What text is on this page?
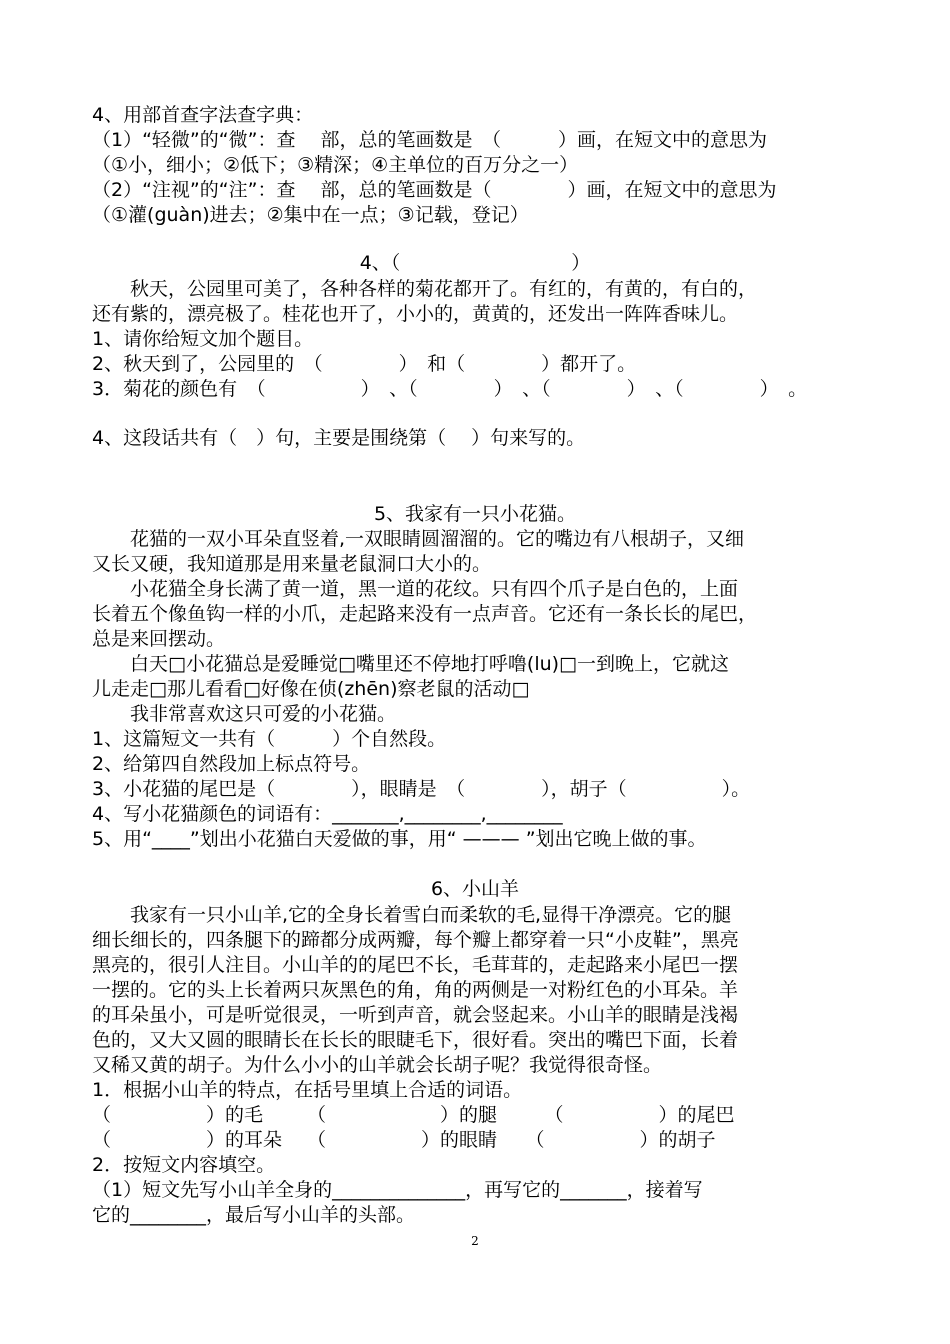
4、用部首查字法查字典：
（1）“轻微”的“微”：查　 部，总的笔画数是　（　　　）画，在短文中的意思为
（①小，细小；②低下；③精深；④主单位的百万分之一）
（2）“注视”的“注”：查　 部，总的笔画数是（　　　　）画，在短文中的意思为
（①灌(guàn)进去；②集中在一点；③记载，登记）
4、（　　　　　　　　　）
　　秋天，公园里可美了，各种各样的菊花都开了。有红的，有黄的，有白的，
还有紫的，漂亮极了。桂花也开了，小小的，黄黄的，还发出一阵阵香味儿。
1、请你给短文加个题目。
2、秋天到了，公园里的　（　　　　）　和（　　　　）都开了。
3．菊花的颜色有　（　　　　　）　、（　　　　）　、（　　　　）　、（　　　　）　。
4、这段话共有（　）句，主要是围绕第（　 ）句来写的。
5、我家有一只小花猫。
　　花猫的一双小耳朵直竖着,一双眼睛圆溜溜的。它的嘴边有八根胡子，又细
又长又硬，我知道那是用来量老鼠洞口大小的。
　　小花猫全身长满了黄一道，黑一道的花纹。只有四个爪子是白色的，上面
长着五个像鱼钩一样的小爪，走起路来没有一点声音。它还有一条长长的尾巴，
总是来回摆动。
　　白天□小花猫总是爱睡觉□嘴里还不停地打呼噜(lu)□一到晚上，它就这
儿走走□那儿看看□好像在侦(zhēn)察老鼠的活动□
　　我非常喜欢这只可爱的小花猫。
1、这篇短文一共有（　　　）个自然段。
2、给第四自然段加上标点符号。
3、小花猫的尾巴是（　　　　），眼睛是　（　　　　），胡子（　　　　　）。
4、写小花猫颜色的词语有：_______,________,________
5、用“____”划出小花猫白天爱做的事，用“ ——— ”划出它晚上做的事。
6、小山羊
　　我家有一只小山羊,它的全身长着雪白而柔软的毛,显得干净漂亮。它的腿
细长细长的，四条腿下的蹄都分成两瓣，每个瓣上都穿着一只“小皮鞋”，黑亮
黑亮的，很引人注目。小山羊的的尾巴不长，毛茸茸的，走起路来小尾巴一摆
一摆的。它的头上长着两只灰黑色的角，角的两侧是一对粉红色的小耳朵。羊
的耳朵虽小，可是听觉很灵，一听到声音，就会竖起来。小山羊的眼睛是浅褐
色的，又大又圆的眼睛长在长长的眼睫毛下，很好看。突出的嘴巴下面，长着
又稀又黄的胡子。为什么小小的山羊就会长胡子呢？我觉得很奇怪。
1．根据小山羊的特点，在括号里填上合适的词语。
（　　　　　）的毛　　 （　　　　　　）的腿　　　（　　　　　）的尾巴
（　　　　　）的耳朵　 （　　　　　）的眼睛　　（　　　　　）的胡子
2．按短文内容填空。
（1）短文先写小山羊全身的______________，再写它的_______，接着写
它的________，最后写小山羊的头部。
2
